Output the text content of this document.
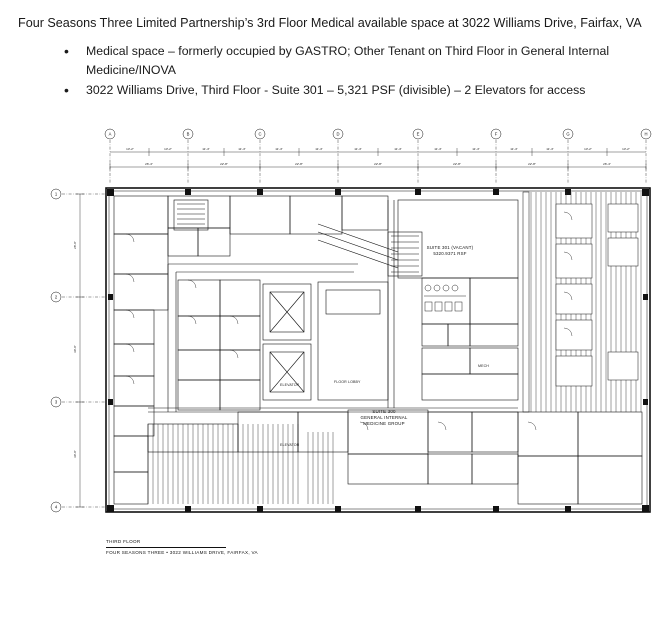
Four Seasons Three Limited Partnership’s 3rd Floor Medical available space at 3022 Williams Drive, Fairfax, VA

• Medical space – formerly occupied by GASTRO; Other Tenant on Third Floor in General Internal Medicine/INOVA
• 3022 Williams Drive, Third Floor - Suite 301 – 5,321 PSF (divisible) – 2 Elevators for access
A	B	C	D	E	F	G	H
13'-2"	13'-2"	11'-4"	11'-4"	11'-4"	11'-4"	11'-4"	11'-4"	11'-4"	11'-4"	11'-4"	11'-4"	13'-2"	13'-2"
26'-4"	22'-8"	22'-8"	22'-8"	22'-8"	22'-8"	26'-4"
1
2
3
4
28'-0"
30'-0"
30'-0"
SUITE 301 (VACANT)
5320.9371 RSF
SUITE 300
GENERAL INTERNAL
MEDICINE GROUP
ELEVATOR
ELEVATOR
FLOOR LOBBY
MECH
THIRD FLOOR
FOUR SEASONS THREE • 3022 WILLIAMS DRIVE, FAIRFAX, VA
